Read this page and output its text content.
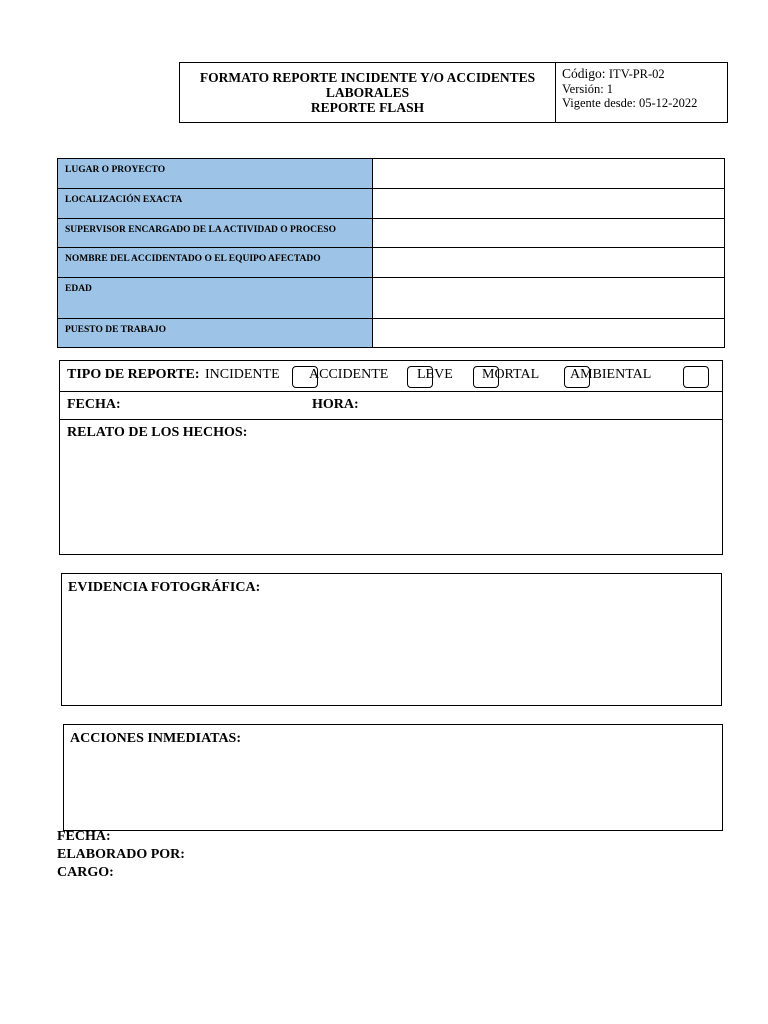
FORMATO REPORTE INCIDENTE Y/O ACCIDENTES
LABORALES
REPORTE FLASH
Código: ITV-PR-02
Versión: 1
Vigente desde: 05-12-2022
LUGAR O PROYECTO
LOCALIZACIÓN EXACTA
SUPERVISOR ENCARGADO DE LA ACTIVIDAD O PROCESO
NOMBRE DEL ACCIDENTADO O EL EQUIPO AFECTADO
EDAD
PUESTO DE TRABAJO
TIPO DE REPORTE: INCIDENTE ACCIDENTE LEVE MORTAL AMBIENTAL
FECHA:	HORA:
RELATO DE LOS HECHOS:
EVIDENCIA FOTOGRÁFICA:
ACCIONES INMEDIATAS:
FECHA:
ELABORADO POR:
CARGO:
